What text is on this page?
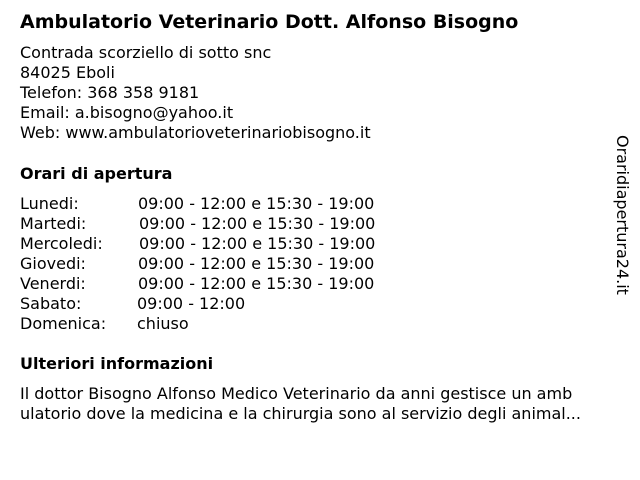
Ambulatorio Veterinario Dott. Alfonso Bisogno
Contrada scorziello di sotto snc
84025 Eboli
Telefon: 368 358 9181
Email: a.bisogno@yahoo.it
Web: www.ambulatorioveterinariobisogno.it
Orari di apertura
Lunedi:	09:00 - 12:00 e 15:30 - 19:00
Martedi:	09:00 - 12:00 e 15:30 - 19:00
Mercoledi: 09:00 - 12:00 e 15:30 - 19:00
Giovedi:	09:00 - 12:00 e 15:30 - 19:00
Venerdi:	09:00 - 12:00 e 15:30 - 19:00
Sabato:	09:00 - 12:00
Domenica: chiuso
Ulteriori informazioni
Il dottor Bisogno Alfonso Medico Veterinario da anni gestisce un amb
ulatorio dove la medicina e la chirurgia sono al servizio degli animal...
Oraridiapertura24.it
